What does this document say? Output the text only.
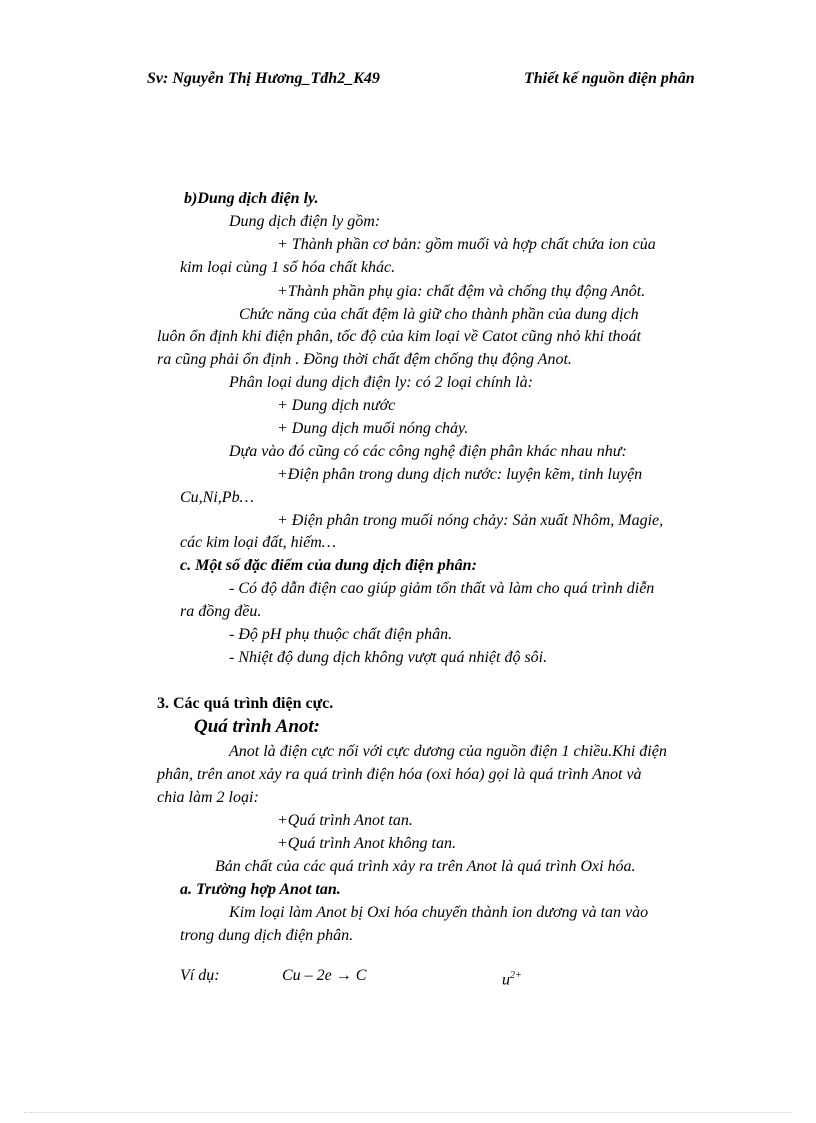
Sv: Nguyễn Thị Hương_Tđh2_K49	Thiết kế nguồn điện phân
b)Dung dịch điện ly.
Dung dịch điện ly gồm:
+ Thành phần cơ bản: gồm muối và hợp chất chứa ion của
kim loại cùng 1 số hóa chất khác.
+Thành phần phụ gia: chất đệm và chống thụ động Anôt.
Chức năng của chất đệm là giữ cho thành phần của dung dịch
luôn ổn định khi điện phân, tốc độ của kim loại về Catot cũng nhỏ khi thoát
ra cũng phải ổn định . Đồng thời chất đệm chống thụ động Anot.
Phân loại dung dịch điện ly: có 2 loại chính là:
+ Dung dịch nước
+ Dung dịch muối nóng chảy.
Dựa vào đó cũng có các công nghệ điện phân khác nhau như:
+Điện phân trong dung dịch nước: luyện kẽm, tinh luyện
Cu,Ni,Pb…
+ Điện phân trong muối nóng chảy: Sản xuất Nhôm, Magie,
các kim loại đất, hiếm…
c. Một số đặc điểm của dung dịch điện phân:
- Có độ dẫn điện cao giúp giảm tổn thất và làm cho quá trình diễn
ra đồng đều.
- Độ pH phụ thuộc chất điện phân.
- Nhiệt độ dung dịch không vượt quá nhiệt độ sôi.
3. Các quá trình điện cực.
Quá trình Anot:
Anot là điện cực nối với cực dương của nguồn điện 1 chiều.Khi điện
phân, trên anot xảy ra quá trình điện hóa (oxi hóa) gọi là quá trình Anot và
chia làm 2 loại:
+Quá trình Anot tan.
+Quá trình Anot không tan.
Bản chất của các quá trình xảy ra trên Anot là quá trình Oxi hóa.
a. Trường hợp Anot tan.
Kim loại làm Anot bị Oxi hóa chuyển thành ion dương và tan vào
trong dung dịch điện phân.
Ví dụ:	Cu – 2e → C	$u^{2+}$
